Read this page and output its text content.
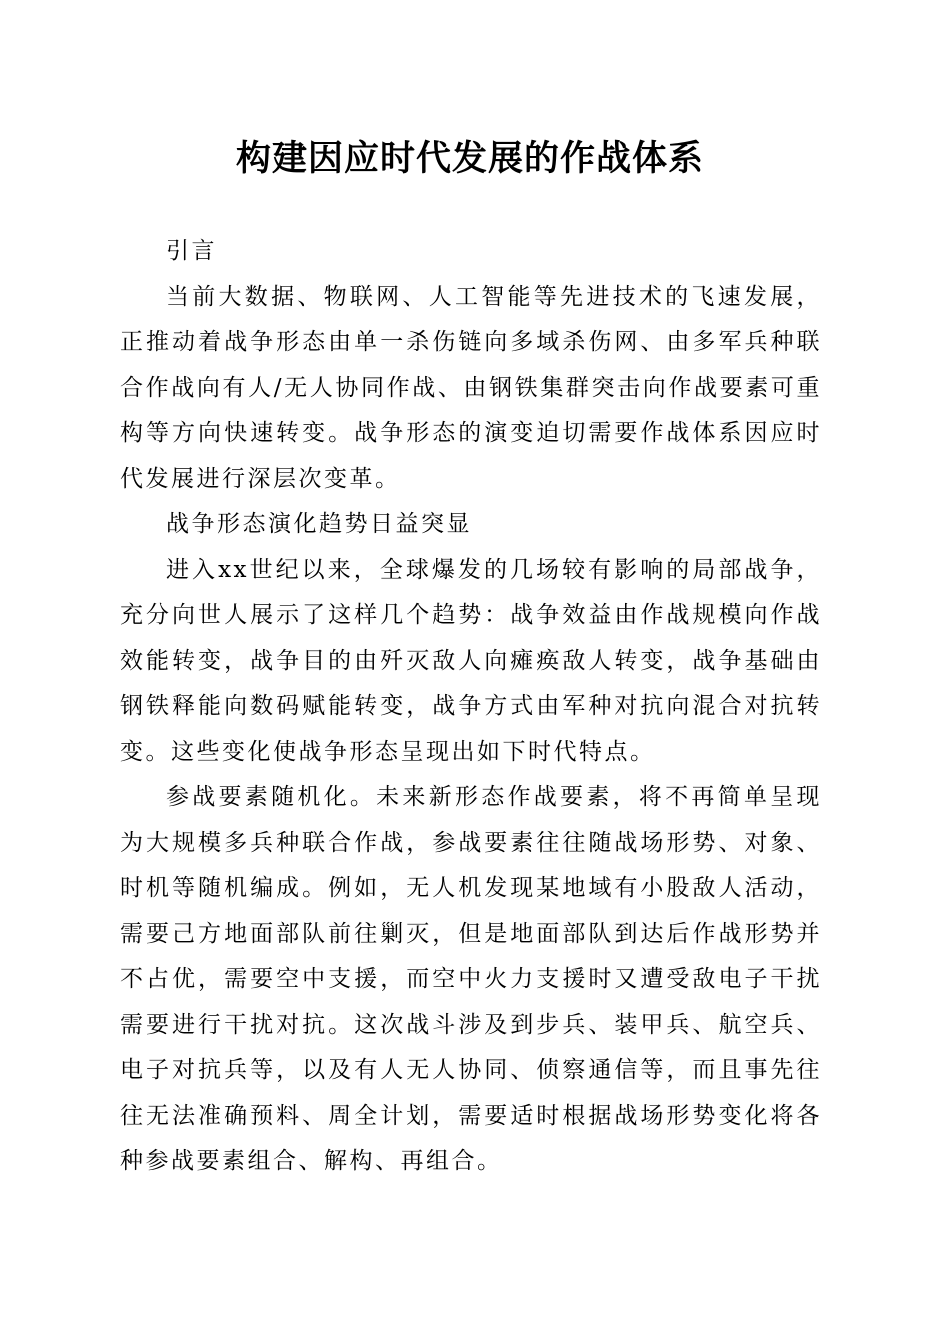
构建因应时代发展的作战体系

引言

当前大数据、物联网、人工智能等先进技术的飞速发展，正推动着战争形态由单一杀伤链向多域杀伤网、由多军兵种联合作战向有人/无人协同作战、由钢铁集群突击向作战要素可重构等方向快速转变。战争形态的演变迫切需要作战体系因应时代发展进行深层次变革。

战争形态演化趋势日益突显

进入xx世纪以来，全球爆发的几场较有影响的局部战争，充分向世人展示了这样几个趋势：战争效益由作战规模向作战效能转变，战争目的由歼灭敌人向瘫痪敌人转变，战争基础由钢铁释能向数码赋能转变，战争方式由军种对抗向混合对抗转变。这些变化使战争形态呈现出如下时代特点。

参战要素随机化。未来新形态作战要素，将不再简单呈现为大规模多兵种联合作战，参战要素往往随战场形势、对象、时机等随机编成。例如，无人机发现某地域有小股敌人活动，需要己方地面部队前往剿灭，但是地面部队到达后作战形势并不占优，需要空中支援，而空中火力支援时又遭受敌电子干扰需要进行干扰对抗。这次战斗涉及到步兵、装甲兵、航空兵、电子对抗兵等，以及有人无人协同、侦察通信等，而且事先往往无法准确预料、周全计划，需要适时根据战场形势变化将各种参战要素组合、解构、再组合。
